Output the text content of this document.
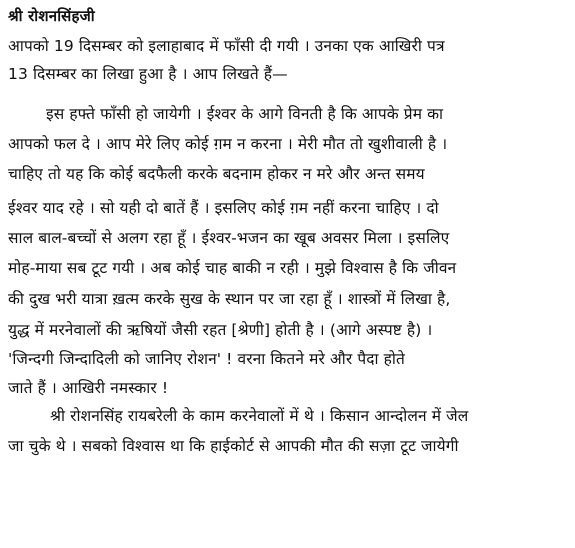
श्री रोशनसिंहजी
आपको 19 दिसम्बर को इलाहाबाद में फाँसी दी गयी । उनका एक आखिरी पत्र
13 दिसम्बर का लिखा हुआ है । आप लिखते हैं—
इस हफ्ते फाँसी हो जायेगी । ईश्वर के आगे विनती है कि आपके प्रेम का
आपको फल दे । आप मेरे लिए कोई ग़म न करना । मेरी मौत तो खुशीवाली है ।
चाहिए तो यह कि कोई बदफैली करके बदनाम होकर न मरे और अन्त समय
ईश्वर याद रहे । सो यही दो बातें हैं । इसलिए कोई ग़म नहीं करना चाहिए । दो
साल बाल-बच्चों से अलग रहा हूँ । ईश्वर-भजन का खूब अवसर मिला । इसलिए
मोह-माया सब टूट गयी । अब कोई चाह बाकी न रही । मुझे विश्वास है कि जीवन
की दुख भरी यात्रा ख़त्म करके सुख के स्थान पर जा रहा हूँ । शास्त्रों में लिखा है,
युद्ध में मरनेवालों की ऋषियों जैसी रहत [श्रेणी] होती है । (आगे अस्पष्ट है) ।
'जिन्दगी जिन्दादिली को जानिए रोशन' ! वरना कितने मरे और पैदा होते
जाते हैं । आखिरी नमस्कार !
श्री रोशनसिंह रायबरेली के काम करनेवालों में थे । किसान आन्दोलन में जेल
जा चुके थे । सबको विश्वास था कि हाईकोर्ट से आपकी मौत की सज़ा टूट जायेगी
